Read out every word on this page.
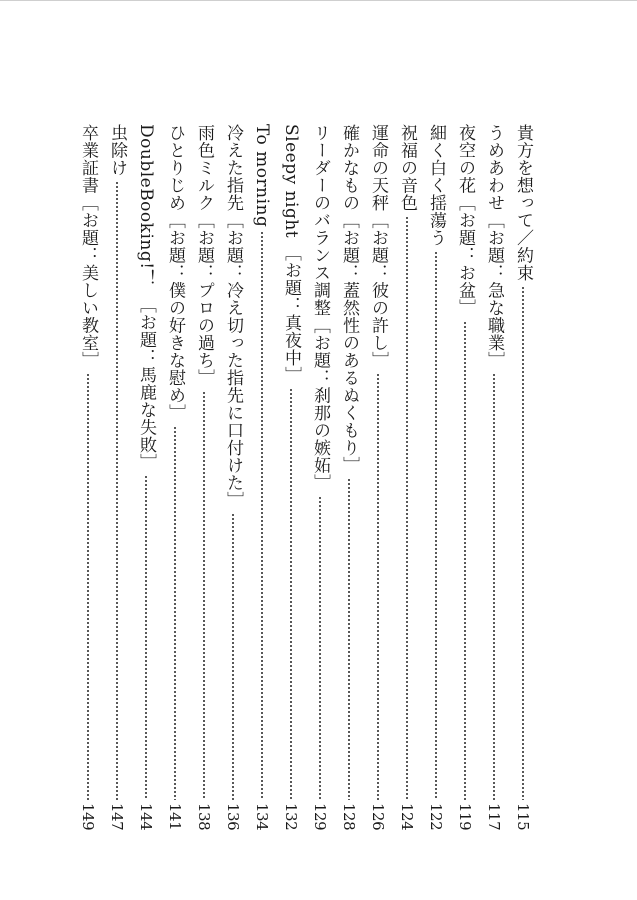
貴方を想って／約束
115
うめあわせ［お題：急な職業］
117
夜空の花［お題：お盆］
119
細く白く揺蕩う
122
祝福の音色
124
運命の天秤［お題：彼の許し］
126
確かなもの［お題：蓋然性のあるぬくもり］
128
リーダーのバランス調整［お題：刹那の嫉妬］
129
Sleepy night ［お題：真夜中］
132
To morning
134
冷えた指先［お題：冷え切った指先に口付けた］
136
雨色ミルク［お題：プロの過ち］
138
ひとりじめ［お題：僕の好きな慰め］
141
DoubleBooking!！　［お題：馬鹿な失敗］
144
虫除け
147
卒業証書［お題：美しい教室］
149
